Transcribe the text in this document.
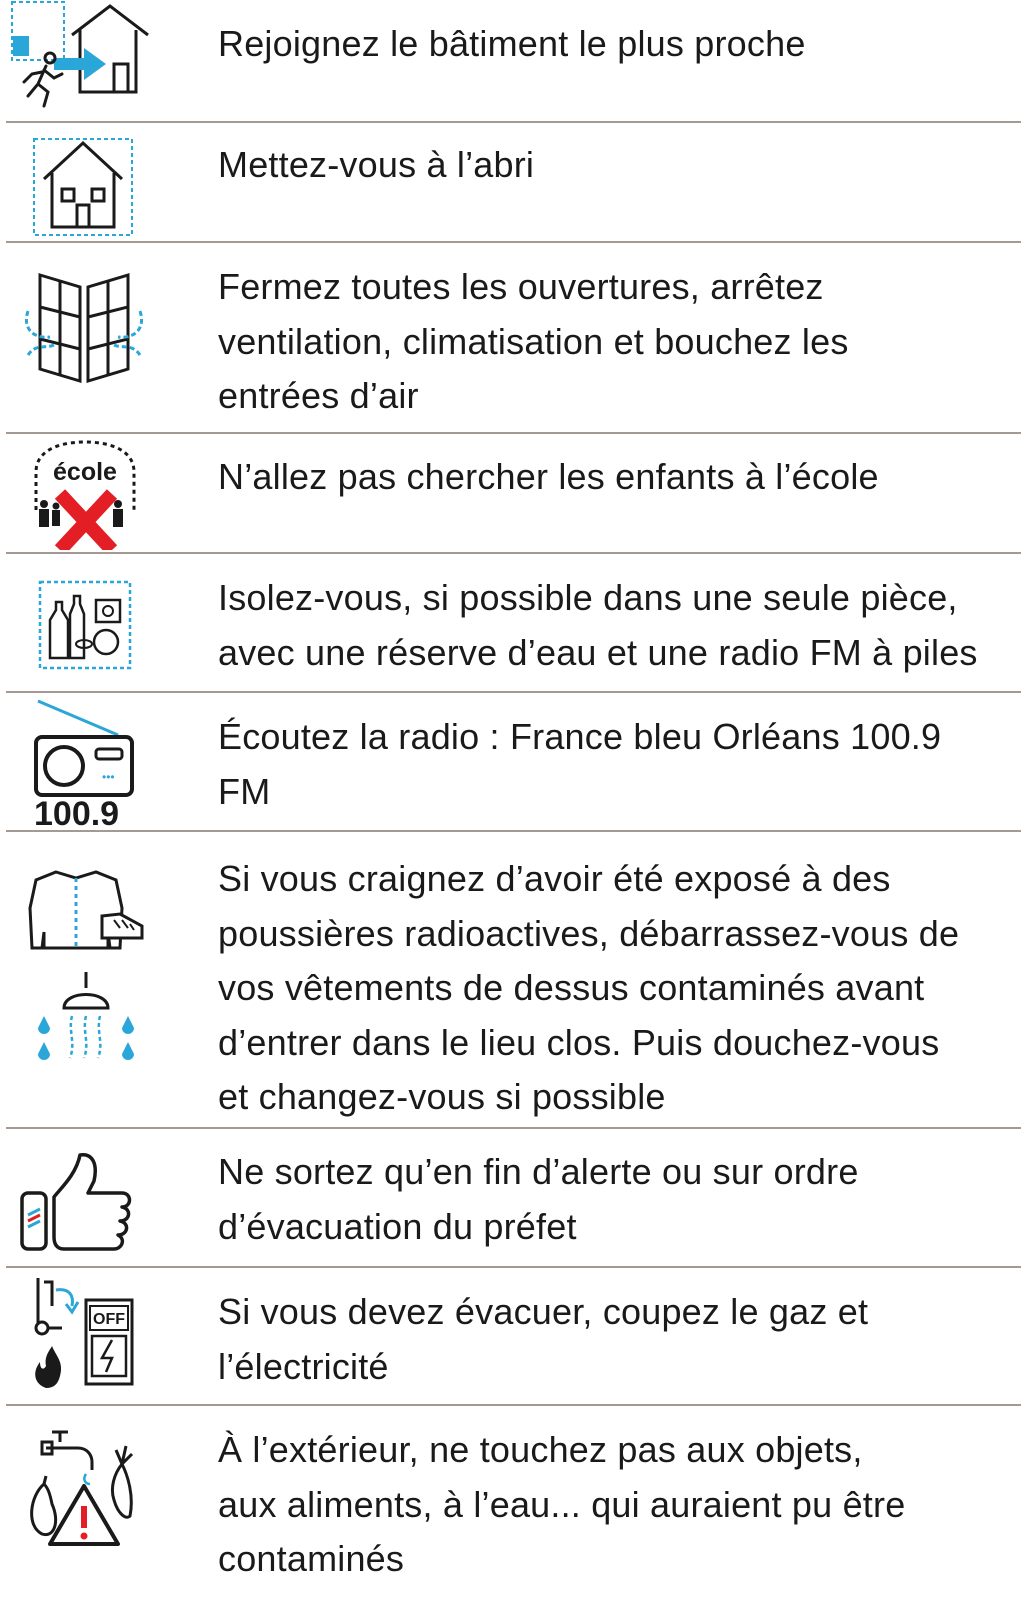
Rejoignez le bâtiment le plus proche
Mettez-vous à l’abri
Fermez toutes les ouvertures, arrêtez
ventilation, climatisation et bouchez les
entrées d’air
école	N’allez pas chercher les enfants à l’école
Isolez-vous, si possible dans une seule pièce,
avec une réserve d’eau et une radio FM à piles
•••
100.9
Écoutez la radio : France bleu Orléans 100.9
FM
Si vous craignez d’avoir été exposé à des
poussières radioactives, débarrassez-vous de
vos vêtements de dessus contaminés avant
d’entrer dans le lieu clos. Puis douchez-vous
et changez-vous si possible
Ne sortez qu’en fin d’alerte ou sur ordre
d’évacuation du préfet
OFF	Si vous devez évacuer, coupez le gaz et
l’électricité
À l’extérieur, ne touchez pas aux objets,
aux aliments, à l’eau... qui auraient pu être
contaminés
